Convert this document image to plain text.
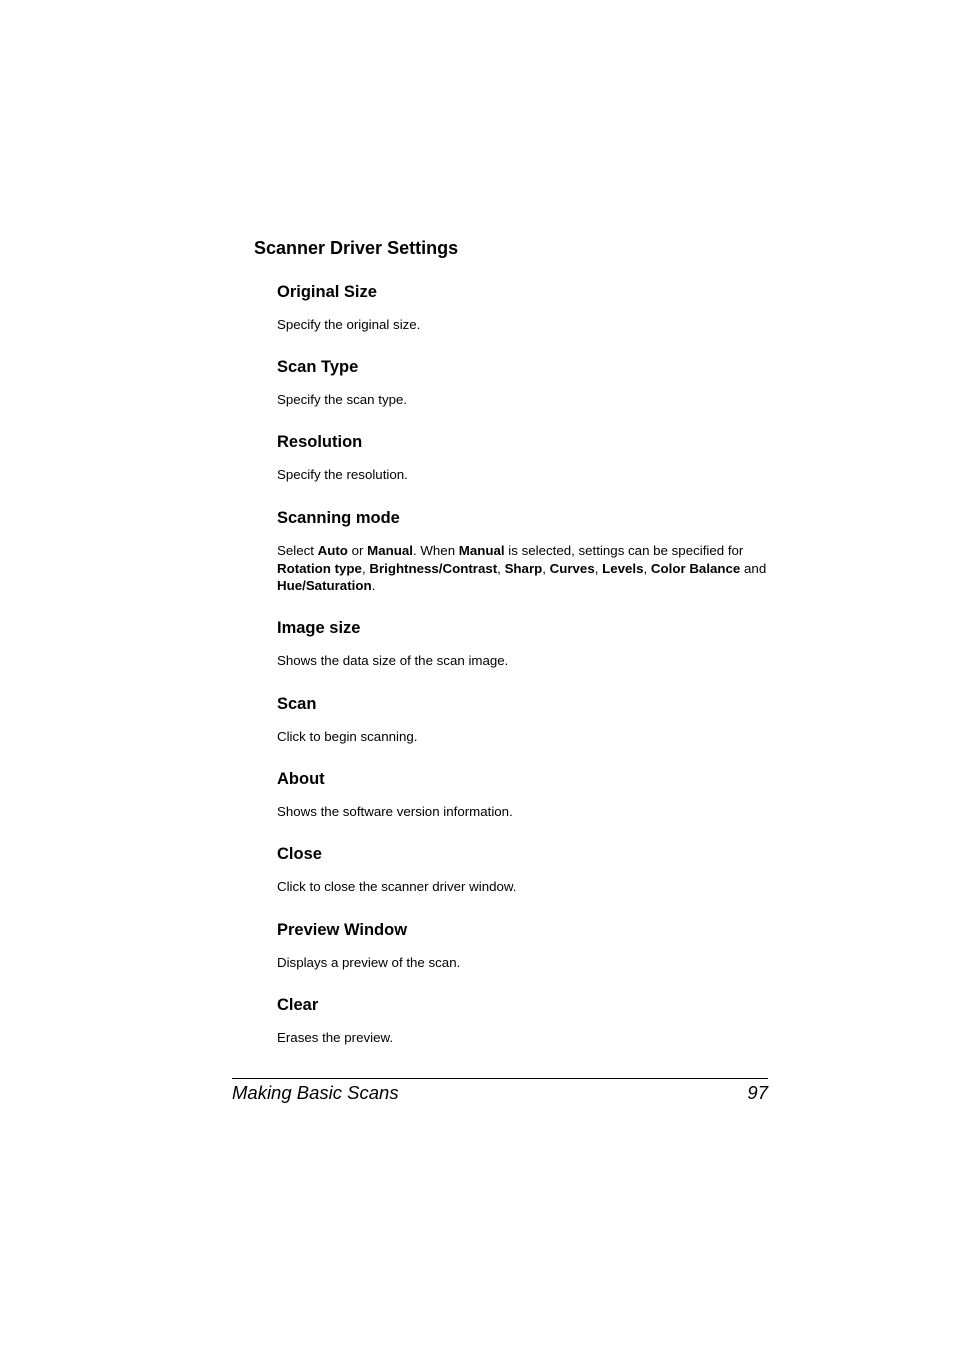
Scanner Driver Settings
Original Size

Specify the original size.

Scan Type

Specify the scan type.

Resolution

Specify the resolution.

Scanning mode

Select Auto or Manual. When Manual is selected, settings can be specified for Rotation type, Brightness/Contrast, Sharp, Curves, Levels, Color Balance and Hue/Saturation.

Image size

Shows the data size of the scan image.

Scan

Click to begin scanning.

About

Shows the software version information.

Close

Click to close the scanner driver window.

Preview Window

Displays a preview of the scan.

Clear

Erases the preview.

Making Basic Scans	97
